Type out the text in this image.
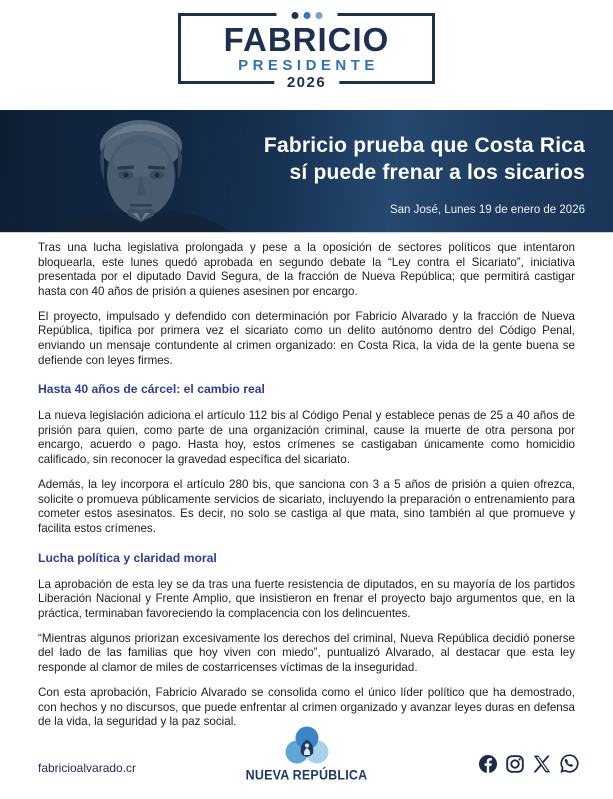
FABRICIO
PRESIDENTE
2026
Fabricio prueba que Costa Rica
sí puede frenar a los sicarios
San José, Lunes 19 de enero de 2026

Tras una lucha legislativa prolongada y pese a la oposición de sectores políticos que intentaron bloquearla, este lunes quedó aprobada en segundo debate la “Ley contra el Sicariato”, iniciativa presentada por el diputado David Segura, de la fracción de Nueva República; que permitirá castigar hasta con 40 años de prisión a quienes asesinen por encargo.

El proyecto, impulsado y defendido con determinación por Fabricio Alvarado y la fracción de Nueva República, tipifica por primera vez el sicariato como un delito autónomo dentro del Código Penal, enviando un mensaje contundente al crimen organizado: en Costa Rica, la vida de la gente buena se defiende con leyes firmes.

Hasta 40 años de cárcel: el cambio real

La nueva legislación adiciona el artículo 112 bis al Código Penal y establece penas de 25 a 40 años de prisión para quien, como parte de una organización criminal, cause la muerte de otra persona por encargo, acuerdo o pago. Hasta hoy, estos crímenes se castigaban únicamente como homicidio calificado, sin reconocer la gravedad específica del sicariato.

Además, la ley incorpora el artículo 280 bis, que sanciona con 3 a 5 años de prisión a quien ofrezca, solicite o promueva públicamente servicios de sicariato, incluyendo la preparación o entrenamiento para cometer estos asesinatos. Es decir, no solo se castiga al que mata, sino también al que promueve y facilita estos crímenes.

Lucha política y claridad moral

La aprobación de esta ley se da tras una fuerte resistencia de diputados, en su mayoría de los partidos Liberación Nacional y Frente Amplio, que insistieron en frenar el proyecto bajo argumentos que, en la práctica, terminaban favoreciendo la complacencia con los delincuentes.

“Mientras algunos priorizan excesivamente los derechos del criminal, Nueva República decidió ponerse del lado de las familias que hoy viven con miedo”, puntualizó Alvarado, al destacar que esta ley responde al clamor de miles de costarricenses víctimas de la inseguridad.

Con esta aprobación, Fabricio Alvarado se consolida como el único líder político que ha demostrado, con hechos y no discursos, que puede enfrentar al crimen organizado y avanzar leyes duras en defensa de la vida, la seguridad y la paz social.

fabricioalvarado.cr	NUEVA REPÚBLICA
